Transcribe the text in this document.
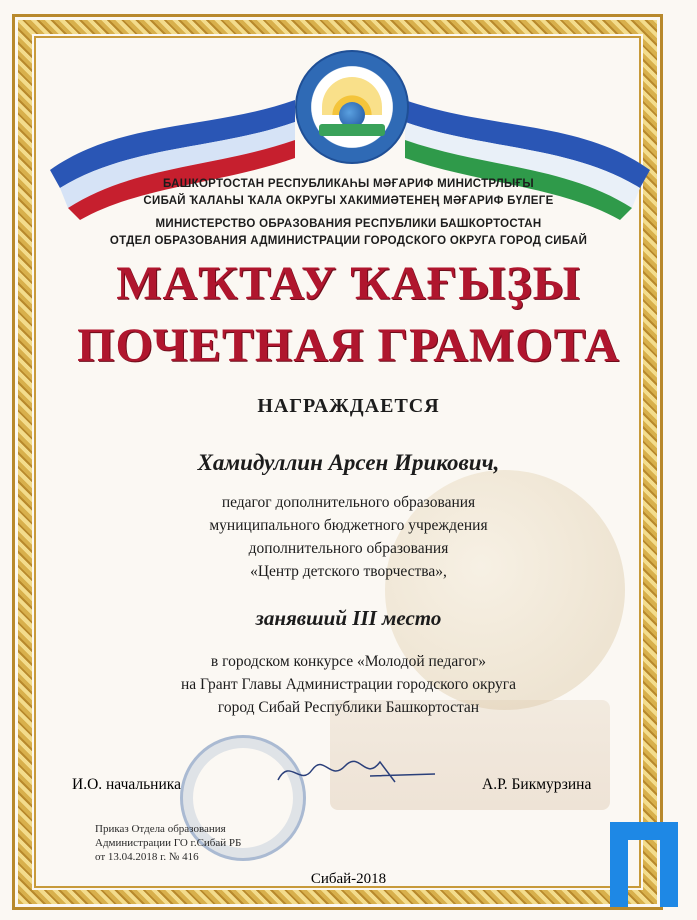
БАШКОРТОСТАН РЕСПУБЛИКАҺЫ МӘҒАРИФ МИНИСТРЛЫҒЫ
СИБАЙ ҠАЛАҺЫ ҠАЛА ОКРУГЫ ХАКИМИӘТЕНЕҢ МӘҒАРИФ БҮЛЕГЕ
МИНИСТЕРСТВО ОБРАЗОВАНИЯ РЕСПУБЛИКИ БАШКОРТОСТАН
ОТДЕЛ ОБРАЗОВАНИЯ АДМИНИСТРАЦИИ ГОРОДСКОГО ОКРУГА ГОРОД СИБАЙ
МАҠТАУ ҠАҒЫҘЫ
ПОЧЕТНАЯ ГРАМОТА
НАГРАЖДАЕТСЯ
Хамидуллин Арсен Ирикович,
педагог дополнительного образования
муниципального бюджетного учреждения
дополнительного образования
«Центр детского творчества»,
занявший III место
в городском конкурсе «Молодой педагог»
на Грант Главы Администрации городского округа
город Сибай Республики Башкортостан
И.О. начальника	А.Р. Бикмурзина
Приказ Отдела образования
Администрации ГО г.Сибай РБ
от 13.04.2018 г. № 416
Сибай-2018
